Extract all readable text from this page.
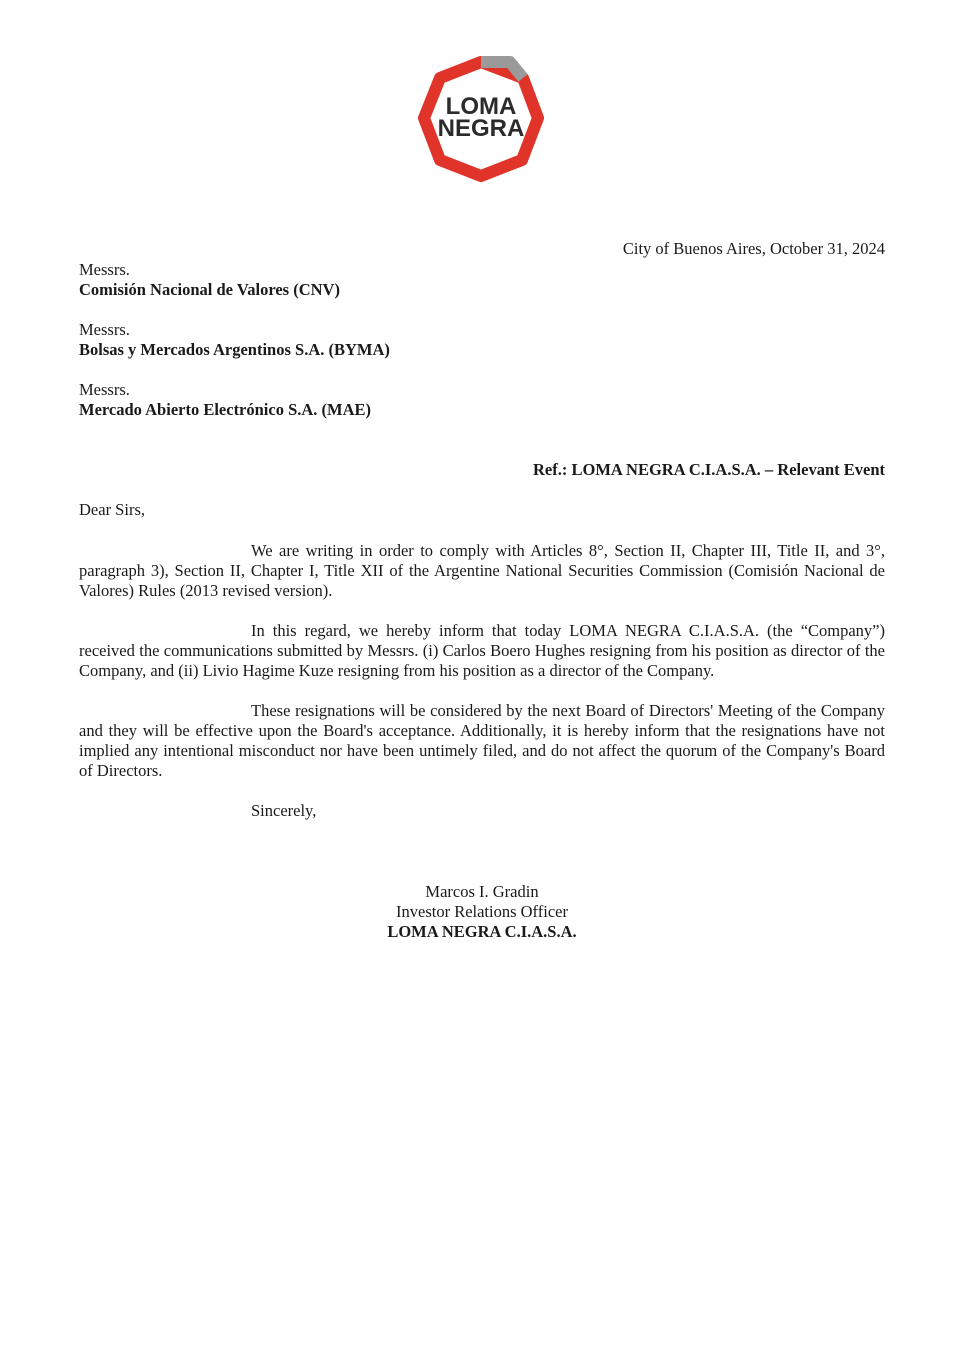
LOMA
NEGRA
City of Buenos Aires, October 31, 2024

Messrs.

Comisión Nacional de Valores (CNV)

Messrs.

Bolsas y Mercados Argentinos S.A. (BYMA)

Messrs.

Mercado Abierto Electrónico S.A. (MAE)

Ref.: LOMA NEGRA C.I.A.S.A. – Relevant Event
Dear Sirs,

We are writing in order to comply with Articles 8°, Section II, Chapter III, Title II, and 3°, paragraph 3), Section II, Chapter I, Title XII of the Argentine National Securities Commission (Comisión Nacional de Valores) Rules (2013 revised version).

In this regard, we hereby inform that today LOMA NEGRA C.I.A.S.A. (the “Company”) received the communications submitted by Messrs. (i) Carlos Boero Hughes resigning from his position as director of the Company, and (ii) Livio Hagime Kuze resigning from his position as a director of the Company.

These resignations will be considered by the next Board of Directors' Meeting of the Company and they will be effective upon the Board's acceptance. Additionally, it is hereby inform that the resignations have not implied any intentional misconduct nor have been untimely filed, and do not affect the quorum of the Company's Board of Directors.

Sincerely,
Marcos I. Gradin
Investor Relations Officer
LOMA NEGRA C.I.A.S.A.
